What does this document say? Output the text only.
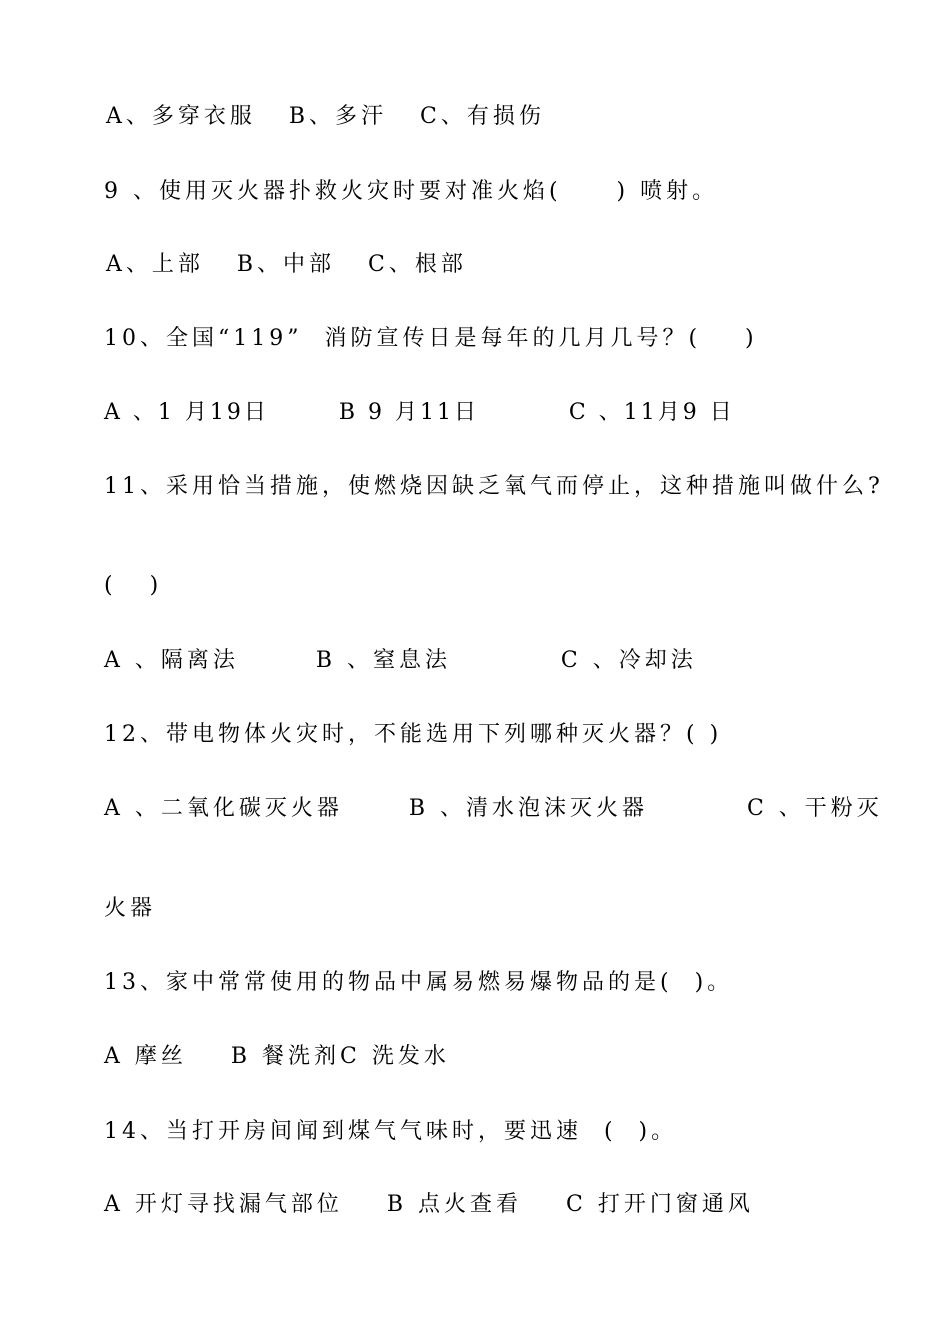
A、多穿衣服   B、多汗   C、有损伤
9 、使用灭火器扑救火灾时要对准火焰(     ) 喷射。
A、上部   B、中部   C、根部
10、全国“119”  消防宣传日是每年的几月几号？(    )
A 、1 月19日       B 9 月11日         C 、11月9 日
11、采用恰当措施，使燃烧因缺乏氧气而停止，这种措施叫做什么?
(   )
A 、隔离法       B 、窒息法          C 、冷却法
12、带电物体火灾时，不能选用下列哪种灭火器？( )
A 、二氧化碳灭火器      B 、清水泡沫灭火器         C 、干粉灭
火器
13、家中常常使用的物品中属易燃易爆物品的是(  )。
A 摩丝    B 餐洗剂C 洗发水
14、当打开房间闻到煤气气味时，要迅速  (  )。
A 开灯寻找漏气部位    B 点火查看    C 打开门窗通风
